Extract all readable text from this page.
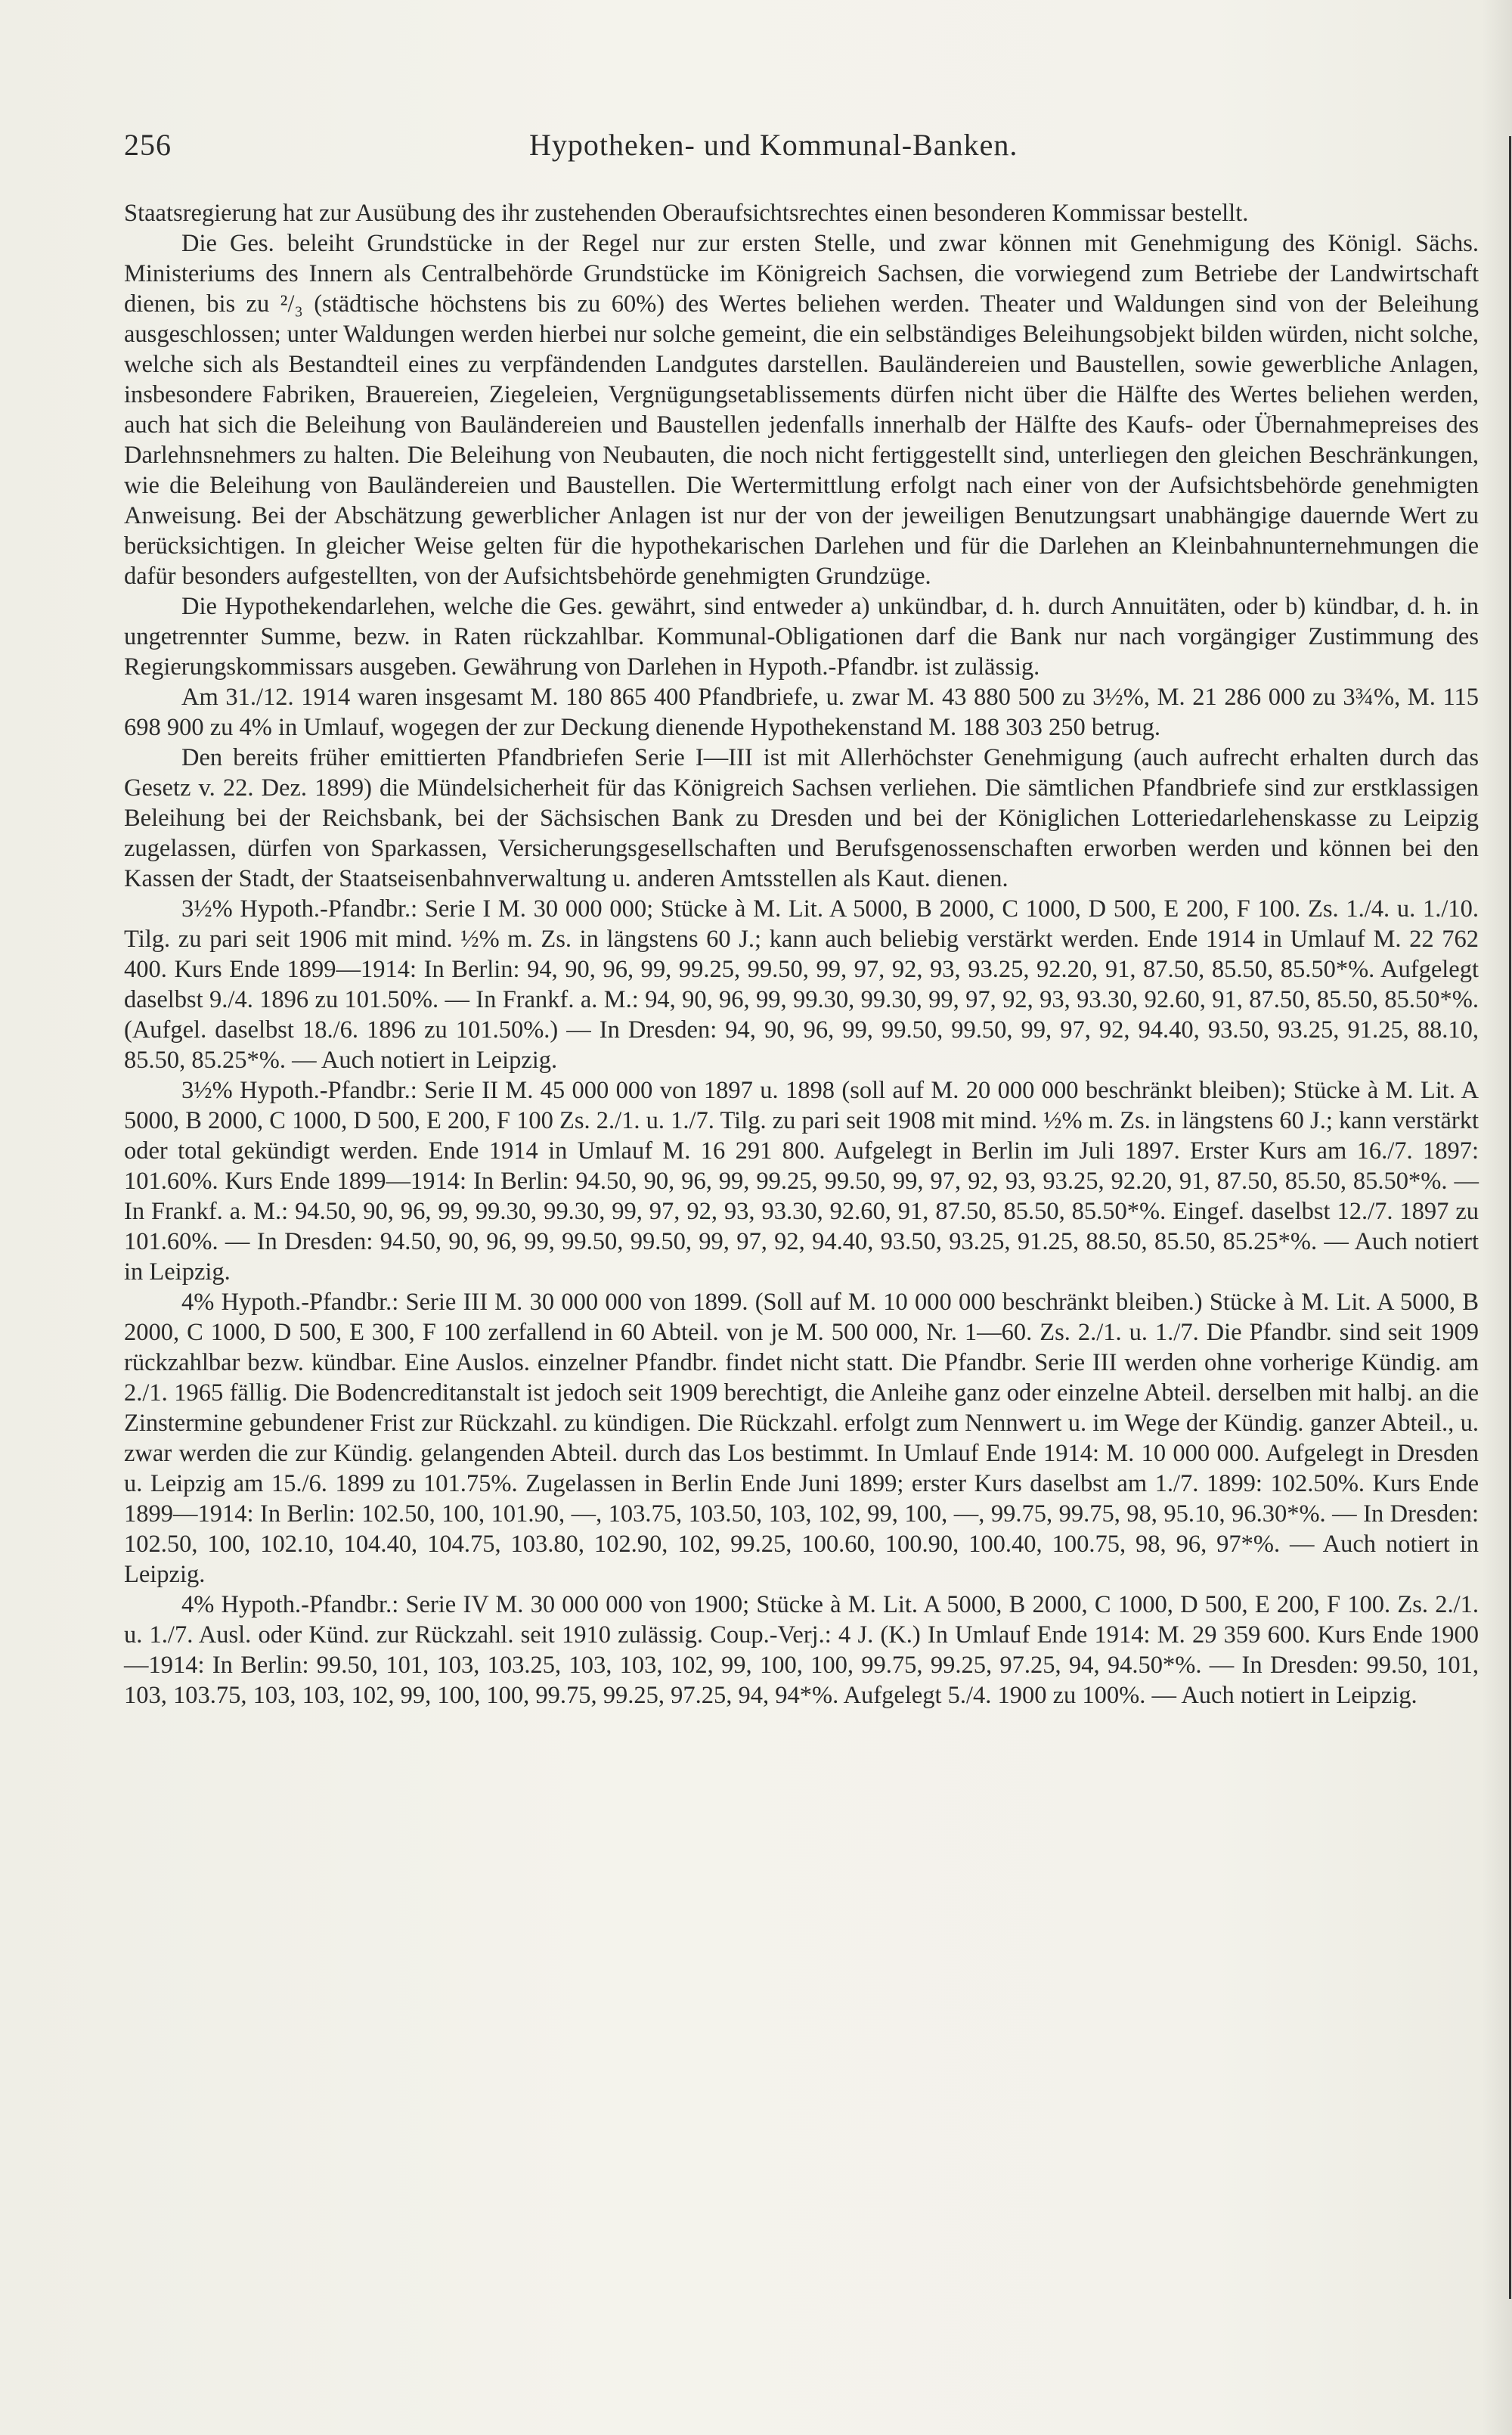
256	Hypotheken- und Kommunal-Banken.

Staatsregierung hat zur Ausübung des ihr zustehenden Oberaufsichtsrechtes einen besonderen Kommissar bestellt.

Die Ges. beleiht Grundstücke in der Regel nur zur ersten Stelle, und zwar können mit Genehmigung des Königl. Sächs. Ministeriums des Innern als Centralbehörde Grundstücke im Königreich Sachsen, die vorwiegend zum Betriebe der Landwirtschaft dienen, bis zu ²/₃ (städtische höchstens bis zu 60%) des Wertes beliehen werden. Theater und Waldungen sind von der Beleihung ausgeschlossen; unter Waldungen werden hierbei nur solche gemeint, die ein selbständiges Beleihungsobjekt bilden würden, nicht solche, welche sich als Bestandteil eines zu verpfändenden Landgutes darstellen. Bauländereien und Baustellen, sowie gewerbliche Anlagen, insbesondere Fabriken, Brauereien, Ziegeleien, Vergnügungsetablissements dürfen nicht über die Hälfte des Wertes beliehen werden, auch hat sich die Beleihung von Bauländereien und Baustellen jedenfalls innerhalb der Hälfte des Kaufs- oder Übernahmepreises des Darlehnsnehmers zu halten. Die Beleihung von Neubauten, die noch nicht fertiggestellt sind, unterliegen den gleichen Beschränkungen, wie die Beleihung von Bauländereien und Baustellen. Die Wertermittlung erfolgt nach einer von der Aufsichtsbehörde genehmigten Anweisung. Bei der Abschätzung gewerblicher Anlagen ist nur der von der jeweiligen Benutzungsart unabhängige dauernde Wert zu berücksichtigen. In gleicher Weise gelten für die hypothekarischen Darlehen und für die Darlehen an Kleinbahnunternehmungen die dafür besonders aufgestellten, von der Aufsichtsbehörde genehmigten Grundzüge.

Die Hypothekendarlehen, welche die Ges. gewährt, sind entweder a) unkündbar, d. h. durch Annuitäten, oder b) kündbar, d. h. in ungetrennter Summe, bezw. in Raten rückzahlbar. Kommunal-Obligationen darf die Bank nur nach vorgängiger Zustimmung des Regierungskommissars ausgeben. Gewährung von Darlehen in Hypoth.-Pfandbr. ist zulässig.

Am 31./12. 1914 waren insgesamt M. 180 865 400 Pfandbriefe, u. zwar M. 43 880 500 zu 3½%, M. 21 286 000 zu 3¾%, M. 115 698 900 zu 4% in Umlauf, wogegen der zur Deckung dienende Hypothekenstand M. 188 303 250 betrug.

Den bereits früher emittierten Pfandbriefen Serie I—III ist mit Allerhöchster Genehmigung (auch aufrecht erhalten durch das Gesetz v. 22. Dez. 1899) die Mündelsicherheit für das Königreich Sachsen verliehen. Die sämtlichen Pfandbriefe sind zur erstklassigen Beleihung bei der Reichsbank, bei der Sächsischen Bank zu Dresden und bei der Königlichen Lotteriedarlehenskasse zu Leipzig zugelassen, dürfen von Sparkassen, Versicherungsgesellschaften und Berufsgenossenschaften erworben werden und können bei den Kassen der Stadt, der Staatseisenbahnverwaltung u. anderen Amtsstellen als Kaut. dienen.

3½% Hypoth.-Pfandbr.: Serie I M. 30 000 000; Stücke à M. Lit. A 5000, B 2000, C 1000, D 500, E 200, F 100. Zs. 1./4. u. 1./10. Tilg. zu pari seit 1906 mit mind. ½% m. Zs. in längstens 60 J.; kann auch beliebig verstärkt werden. Ende 1914 in Umlauf M. 22 762 400. Kurs Ende 1899—1914: In Berlin: 94, 90, 96, 99, 99.25, 99.50, 99, 97, 92, 93, 93.25, 92.20, 91, 87.50, 85.50, 85.50*%. Aufgelegt daselbst 9./4. 1896 zu 101.50%. — In Frankf. a. M.: 94, 90, 96, 99, 99.30, 99.30, 99, 97, 92, 93, 93.30, 92.60, 91, 87.50, 85.50, 85.50*%. (Aufgel. daselbst 18./6. 1896 zu 101.50%.) — In Dresden: 94, 90, 96, 99, 99.50, 99.50, 99, 97, 92, 94.40, 93.50, 93.25, 91.25, 88.10, 85.50, 85.25*%. — Auch notiert in Leipzig.

3½% Hypoth.-Pfandbr.: Serie II M. 45 000 000 von 1897 u. 1898 (soll auf M. 20 000 000 beschränkt bleiben); Stücke à M. Lit. A 5000, B 2000, C 1000, D 500, E 200, F 100 Zs. 2./1. u. 1./7. Tilg. zu pari seit 1908 mit mind. ½% m. Zs. in längstens 60 J.; kann verstärkt oder total gekündigt werden. Ende 1914 in Umlauf M. 16 291 800. Aufgelegt in Berlin im Juli 1897. Erster Kurs am 16./7. 1897: 101.60%. Kurs Ende 1899—1914: In Berlin: 94.50, 90, 96, 99, 99.25, 99.50, 99, 97, 92, 93, 93.25, 92.20, 91, 87.50, 85.50, 85.50*%. — In Frankf. a. M.: 94.50, 90, 96, 99, 99.30, 99.30, 99, 97, 92, 93, 93.30, 92.60, 91, 87.50, 85.50, 85.50*%. Eingef. daselbst 12./7. 1897 zu 101.60%. — In Dresden: 94.50, 90, 96, 99, 99.50, 99.50, 99, 97, 92, 94.40, 93.50, 93.25, 91.25, 88.50, 85.50, 85.25*%. — Auch notiert in Leipzig.

4% Hypoth.-Pfandbr.: Serie III M. 30 000 000 von 1899. (Soll auf M. 10 000 000 beschränkt bleiben.) Stücke à M. Lit. A 5000, B 2000, C 1000, D 500, E 300, F 100 zerfallend in 60 Abteil. von je M. 500 000, Nr. 1—60. Zs. 2./1. u. 1./7. Die Pfandbr. sind seit 1909 rückzahlbar bezw. kündbar. Eine Auslos. einzelner Pfandbr. findet nicht statt. Die Pfandbr. Serie III werden ohne vorherige Kündig. am 2./1. 1965 fällig. Die Bodencreditanstalt ist jedoch seit 1909 berechtigt, die Anleihe ganz oder einzelne Abteil. derselben mit halbj. an die Zinstermine gebundener Frist zur Rückzahl. zu kündigen. Die Rückzahl. erfolgt zum Nennwert u. im Wege der Kündig. ganzer Abteil., u. zwar werden die zur Kündig. gelangenden Abteil. durch das Los bestimmt. In Umlauf Ende 1914: M. 10 000 000. Aufgelegt in Dresden u. Leipzig am 15./6. 1899 zu 101.75%. Zugelassen in Berlin Ende Juni 1899; erster Kurs daselbst am 1./7. 1899: 102.50%. Kurs Ende 1899—1914: In Berlin: 102.50, 100, 101.90, —, 103.75, 103.50, 103, 102, 99, 100, —, 99.75, 99.75, 98, 95.10, 96.30*%. — In Dresden: 102.50, 100, 102.10, 104.40, 104.75, 103.80, 102.90, 102, 99.25, 100.60, 100.90, 100.40, 100.75, 98, 96, 97*%. — Auch notiert in Leipzig.

4% Hypoth.-Pfandbr.: Serie IV M. 30 000 000 von 1900; Stücke à M. Lit. A 5000, B 2000, C 1000, D 500, E 200, F 100. Zs. 2./1. u. 1./7. Ausl. oder Künd. zur Rückzahl. seit 1910 zulässig. Coup.-Verj.: 4 J. (K.) In Umlauf Ende 1914: M. 29 359 600. Kurs Ende 1900—1914: In Berlin: 99.50, 101, 103, 103.25, 103, 103, 102, 99, 100, 100, 99.75, 99.25, 97.25, 94, 94.50*%. — In Dresden: 99.50, 101, 103, 103.75, 103, 103, 102, 99, 100, 100, 99.75, 99.25, 97.25, 94, 94*%. Aufgelegt 5./4. 1900 zu 100%. — Auch notiert in Leipzig.
